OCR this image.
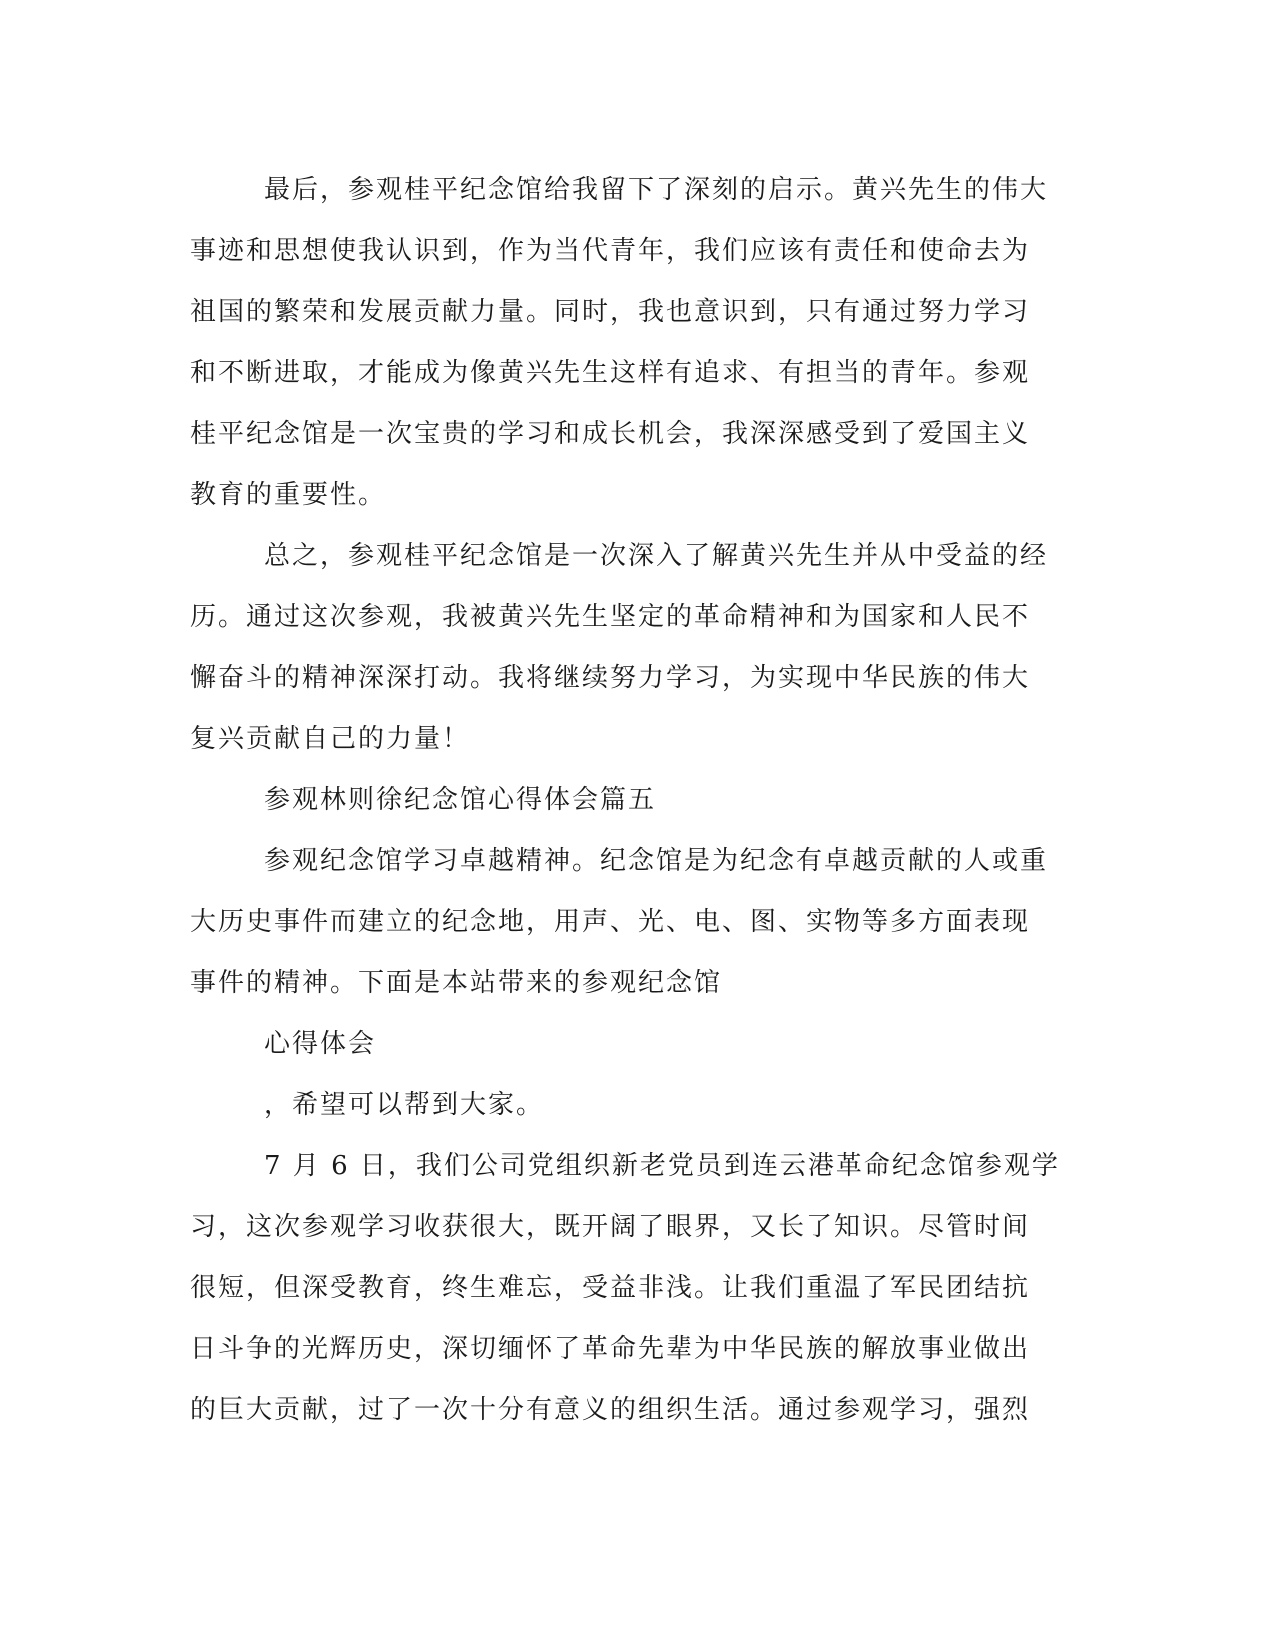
最后，参观桂平纪念馆给我留下了深刻的启示。黄兴先生的伟大
事迹和思想使我认识到，作为当代青年，我们应该有责任和使命去为
祖国的繁荣和发展贡献力量。同时，我也意识到，只有通过努力学习
和不断进取，才能成为像黄兴先生这样有追求、有担当的青年。参观
桂平纪念馆是一次宝贵的学习和成长机会，我深深感受到了爱国主义
教育的重要性。
总之，参观桂平纪念馆是一次深入了解黄兴先生并从中受益的经
历。通过这次参观，我被黄兴先生坚定的革命精神和为国家和人民不
懈奋斗的精神深深打动。我将继续努力学习，为实现中华民族的伟大
复兴贡献自己的力量！
参观林则徐纪念馆心得体会篇五
参观纪念馆学习卓越精神。纪念馆是为纪念有卓越贡献的人或重
大历史事件而建立的纪念地，用声、光、电、图、实物等多方面表现
事件的精神。下面是本站带来的参观纪念馆
心得体会
，希望可以帮到大家。
7 月 6 日，我们公司党组织新老党员到连云港革命纪念馆参观学
习，这次参观学习收获很大，既开阔了眼界，又长了知识。尽管时间
很短，但深受教育，终生难忘，受益非浅。让我们重温了军民团结抗
日斗争的光辉历史，深切缅怀了革命先辈为中华民族的解放事业做出
的巨大贡献，过了一次十分有意义的组织生活。通过参观学习，强烈
